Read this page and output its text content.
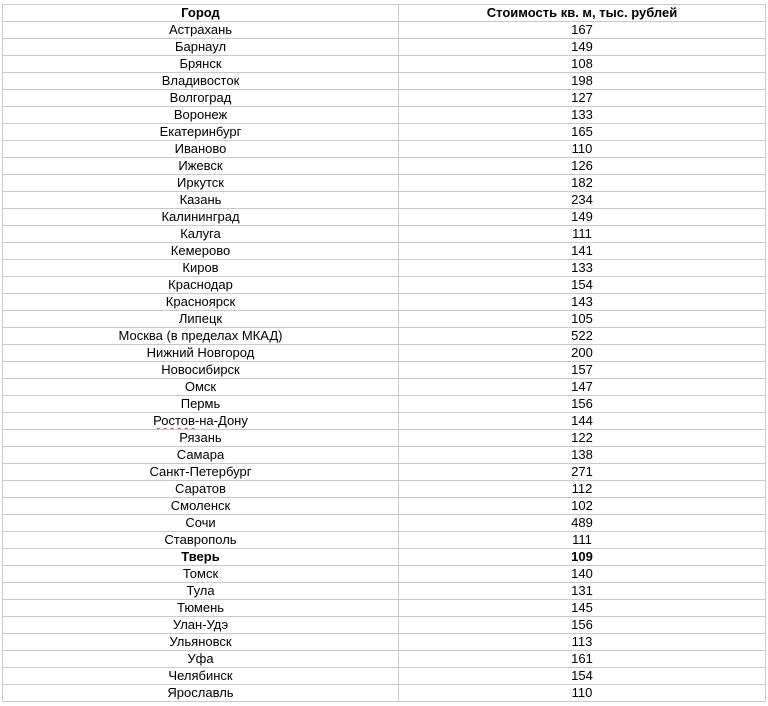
Город	Стоимость кв. м, тыс. рублей
Астрахань	167
Барнаул	149
Брянск	108
Владивосток	198
Волгоград	127
Воронеж	133
Екатеринбург	165
Иваново	110
Ижевск	126
Иркутск	182
Казань	234
Калининград	149
Калуга	111
Кемерово	141
Киров	133
Краснодар	154
Красноярск	143
Липецк	105
Москва (в пределах МКАД)	522
Нижний Новгород	200
Новосибирск	157
Омск	147
Пермь	156
Ростов-на-Дону	144
Рязань	122
Самара	138
Санкт-Петербург	271
Саратов	112
Смоленск	102
Сочи	489
Ставрополь	111
Тверь	109
Томск	140
Тула	131
Тюмень	145
Улан-Удэ	156
Ульяновск	113
Уфа	161
Челябинск	154
Ярославль	110
